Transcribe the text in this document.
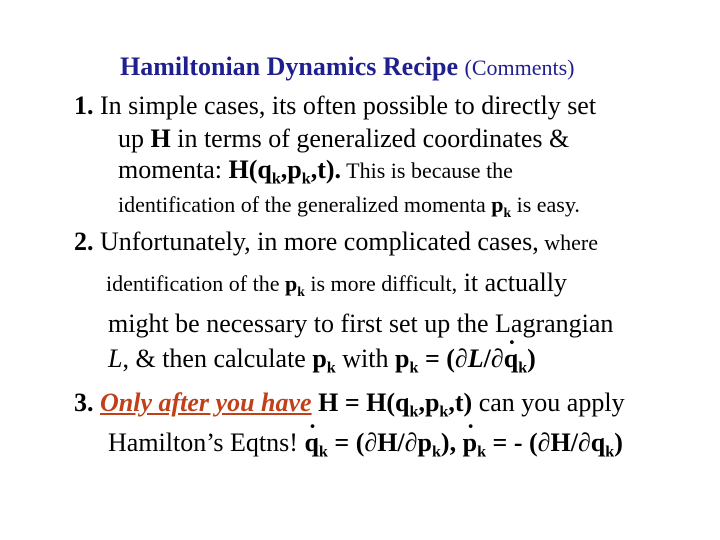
Hamiltonian Dynamics Recipe (Comments)
1. In simple cases, its often possible to directly set
up H in terms of generalized coordinates &
momenta: $H(q_k,p_k,t)$. This is because the
identification of the generalized momenta $p_k$ is easy.
2. Unfortunately, in more complicated cases, where
identification of the $p_k$ is more difficult, it actually
might be necessary to first set up the Lagrangian
L, & then calculate $p_k$ with $p_k = (\partial L/\partial\cdot q_k)$
3. Only after you have $H = H(q_k,p_k,t)$ can you apply
Hamilton’s Eqtns! · $q_k = (\partial H/\partial p_k)$, · $p_k$ = - $(\partial H/\partial q_k)$
